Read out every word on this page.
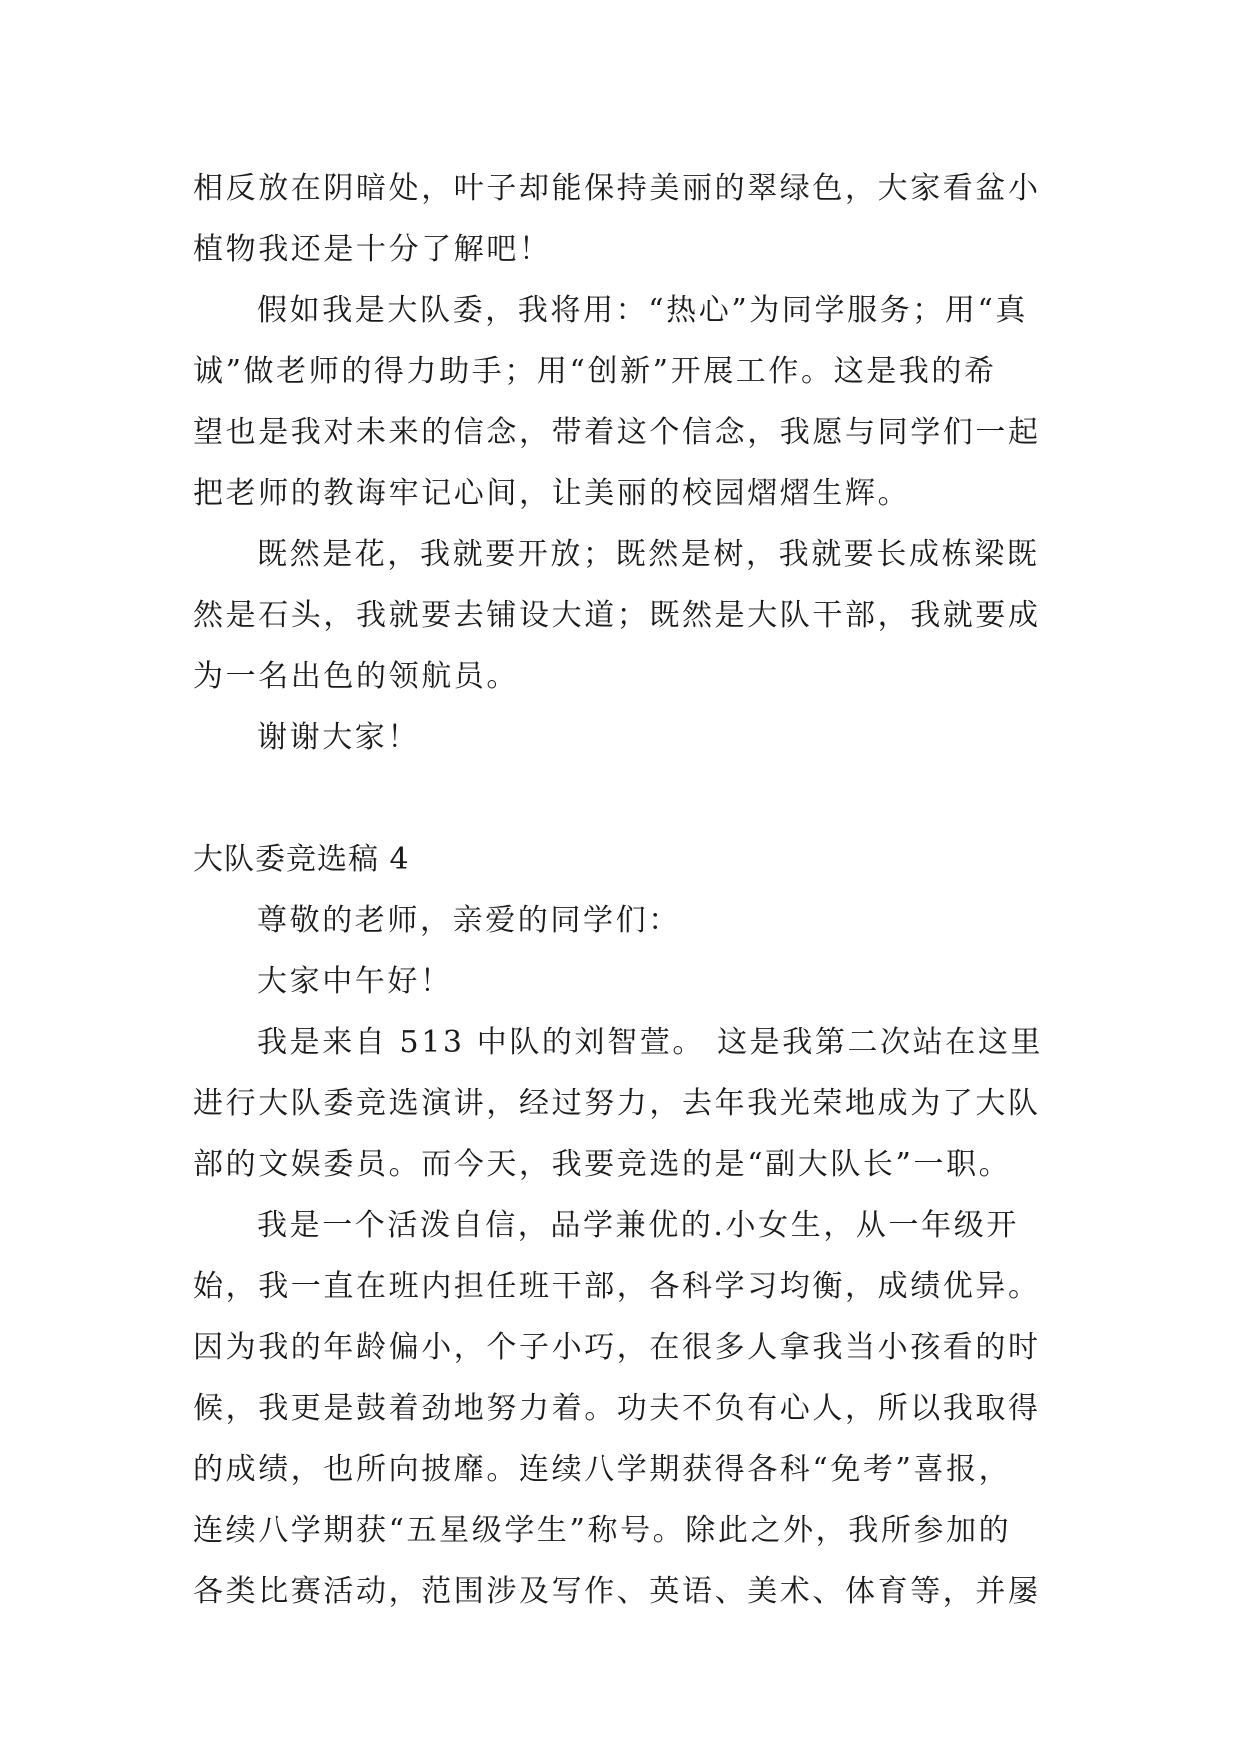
相反放在阴暗处，叶子却能保持美丽的翠绿色，大家看盆小
植物我还是十分了解吧！
假如我是大队委，我将用：“热心”为同学服务；用“真
诚”做老师的得力助手；用“创新”开展工作。这是我的希
望也是我对未来的信念，带着这个信念，我愿与同学们一起
把老师的教诲牢记心间，让美丽的校园熠熠生辉。
既然是花，我就要开放；既然是树，我就要长成栋梁既
然是石头，我就要去铺设大道；既然是大队干部，我就要成
为一名出色的领航员。
谢谢大家！
大队委竞选稿 4
尊敬的老师，亲爱的同学们：
大家中午好！
我是来自 513 中队的刘智萱。 这是我第二次站在这里
进行大队委竞选演讲，经过努力，去年我光荣地成为了大队
部的文娱委员。而今天，我要竞选的是“副大队长”一职。
我是一个活泼自信，品学兼优的.小女生，从一年级开
始，我一直在班内担任班干部，各科学习均衡，成绩优异。
因为我的年龄偏小，个子小巧，在很多人拿我当小孩看的时
候，我更是鼓着劲地努力着。功夫不负有心人，所以我取得
的成绩，也所向披靡。连续八学期获得各科“免考”喜报，
连续八学期获“五星级学生”称号。除此之外，我所参加的
各类比赛活动，范围涉及写作、英语、美术、体育等，并屡
